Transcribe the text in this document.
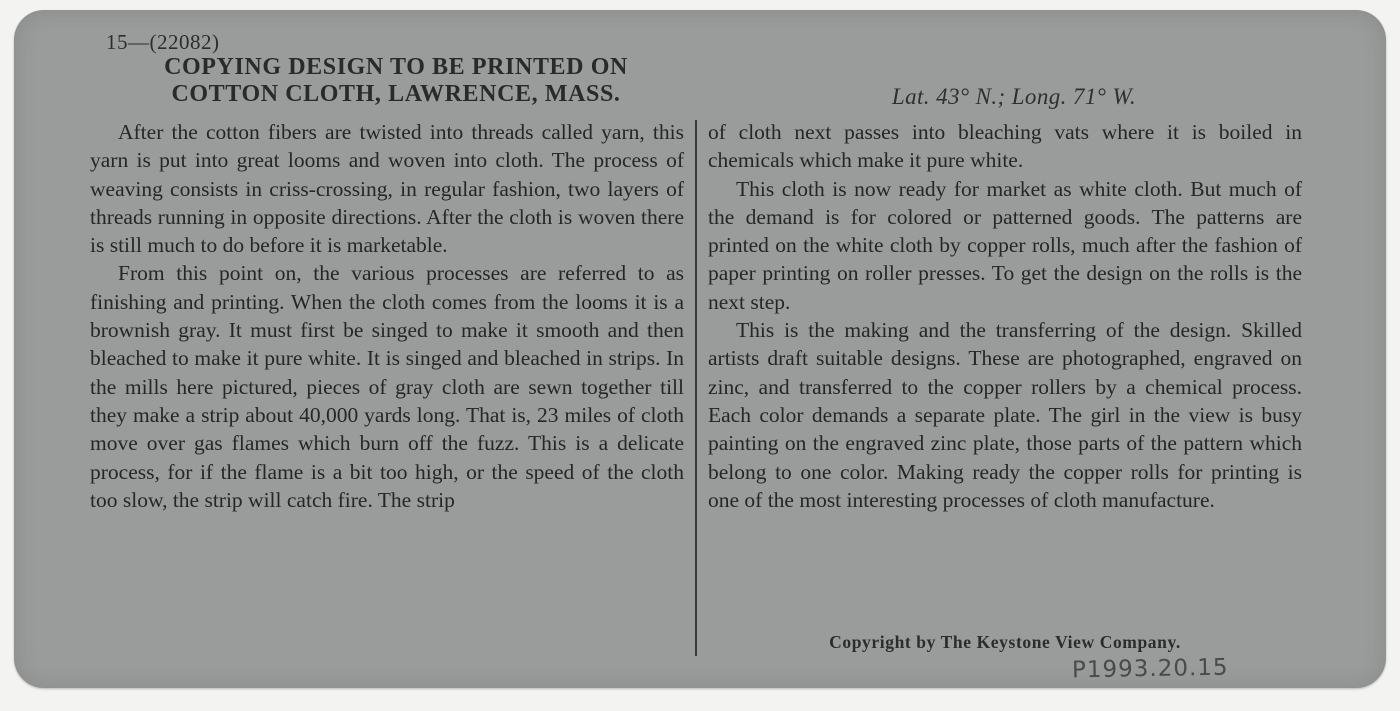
15—(22082)
COPYING DESIGN TO BE PRINTED ON
COTTON CLOTH, LAWRENCE, MASS.	Lat. 43° N.; Long. 71° W.

After the cotton fibers are twisted into threads called yarn, this yarn is put into great looms and woven into cloth. The process of weaving consists in criss-crossing, in regular fashion, two layers of threads running in opposite directions. After the cloth is woven there is still much to do before it is marketable.

From this point on, the various processes are referred to as finishing and printing. When the cloth comes from the looms it is a brownish gray. It must first be singed to make it smooth and then bleached to make it pure white. It is singed and bleached in strips. In the mills here pictured, pieces of gray cloth are sewn together till they make a strip about 40,000 yards long. That is, 23 miles of cloth move over gas flames which burn off the fuzz. This is a delicate process, for if the flame is a bit too high, or the speed of the cloth too slow, the strip will catch fire. The strip

of cloth next passes into bleaching vats where it is boiled in chemicals which make it pure white.

This cloth is now ready for market as white cloth. But much of the demand is for colored or patterned goods. The patterns are printed on the white cloth by copper rolls, much after the fashion of paper printing on roller presses. To get the design on the rolls is the next step.

This is the making and the transferring of the design. Skilled artists draft suitable designs. These are photographed, engraved on zinc, and transferred to the copper rollers by a chemical process. Each color demands a separate plate. The girl in the view is busy painting on the engraved zinc plate, those parts of the pattern which belong to one color. Making ready the copper rolls for printing is one of the most interesting processes of cloth manufacture.

Copyright by The Keystone View Company.
P1993.20.15
